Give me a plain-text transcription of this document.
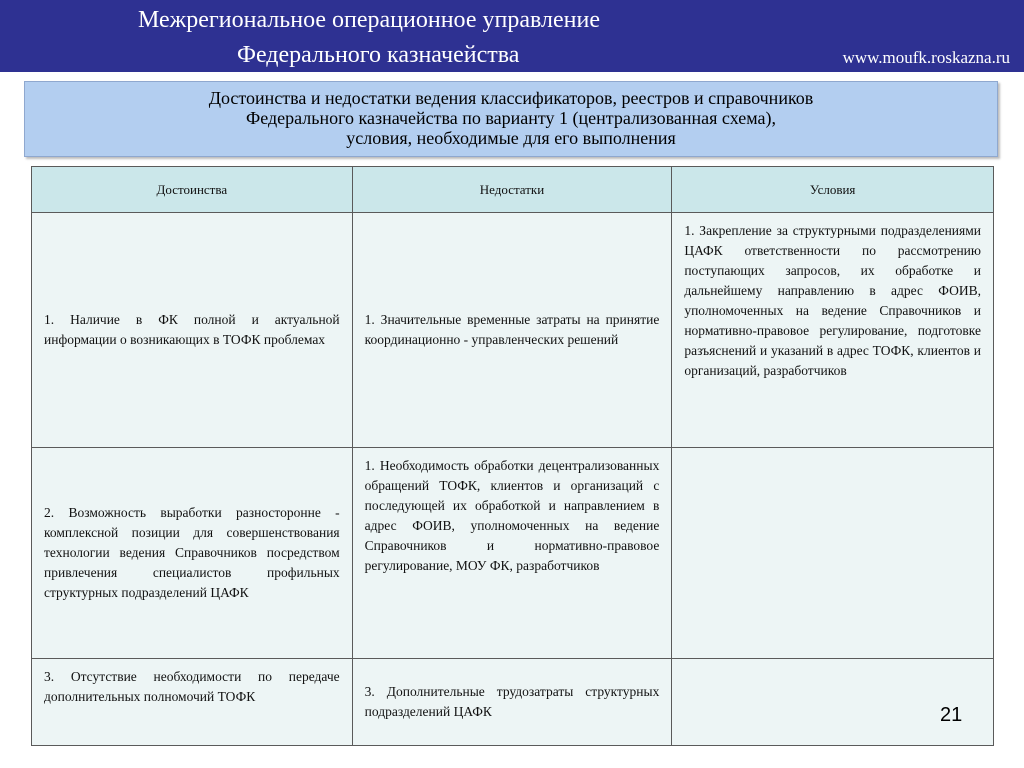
Межрегиональное операционное управление
Федерального казначейства	www.moufk.roskazna.ru
Достоинства и недостатки ведения классификаторов, реестров и справочников
Федерального казначейства по варианту 1 (централизованная схема),
условия, необходимые для его выполнения
Достоинства	Недостатки	Условия
1. Наличие в ФК полной и актуальной информации о возникающих в ТОФК проблемах	1. Значительные временные затраты на принятие координационно - управленческих решений	1. Закрепление за структурными подразделениями ЦАФК ответственности по рассмотрению поступающих запросов, их обработке и дальнейшему направлению в адрес ФОИВ, уполномоченных на ведение Справочников и нормативно-правовое регулирование, подготовке разъяснений и указаний в адрес ТОФК, клиентов и организаций, разработчиков
2. Возможность выработки разносторонне - комплексной позиции для совершенствования технологии ведения Справочников посредством привлечения специалистов профильных структурных подразделений ЦАФК	1. Необходимость обработки децентрализованных обращений ТОФК, клиентов и организаций с последующей их обработкой и направлением в адрес ФОИВ, уполномоченных на ведение Справочников и нормативно-правовое регулирование, МОУ ФК, разработчиков	
3. Отсутствие необходимости по передаче дополнительных полномочий ТОФК	3. Дополнительные трудозатраты структурных подразделений ЦАФК		21
